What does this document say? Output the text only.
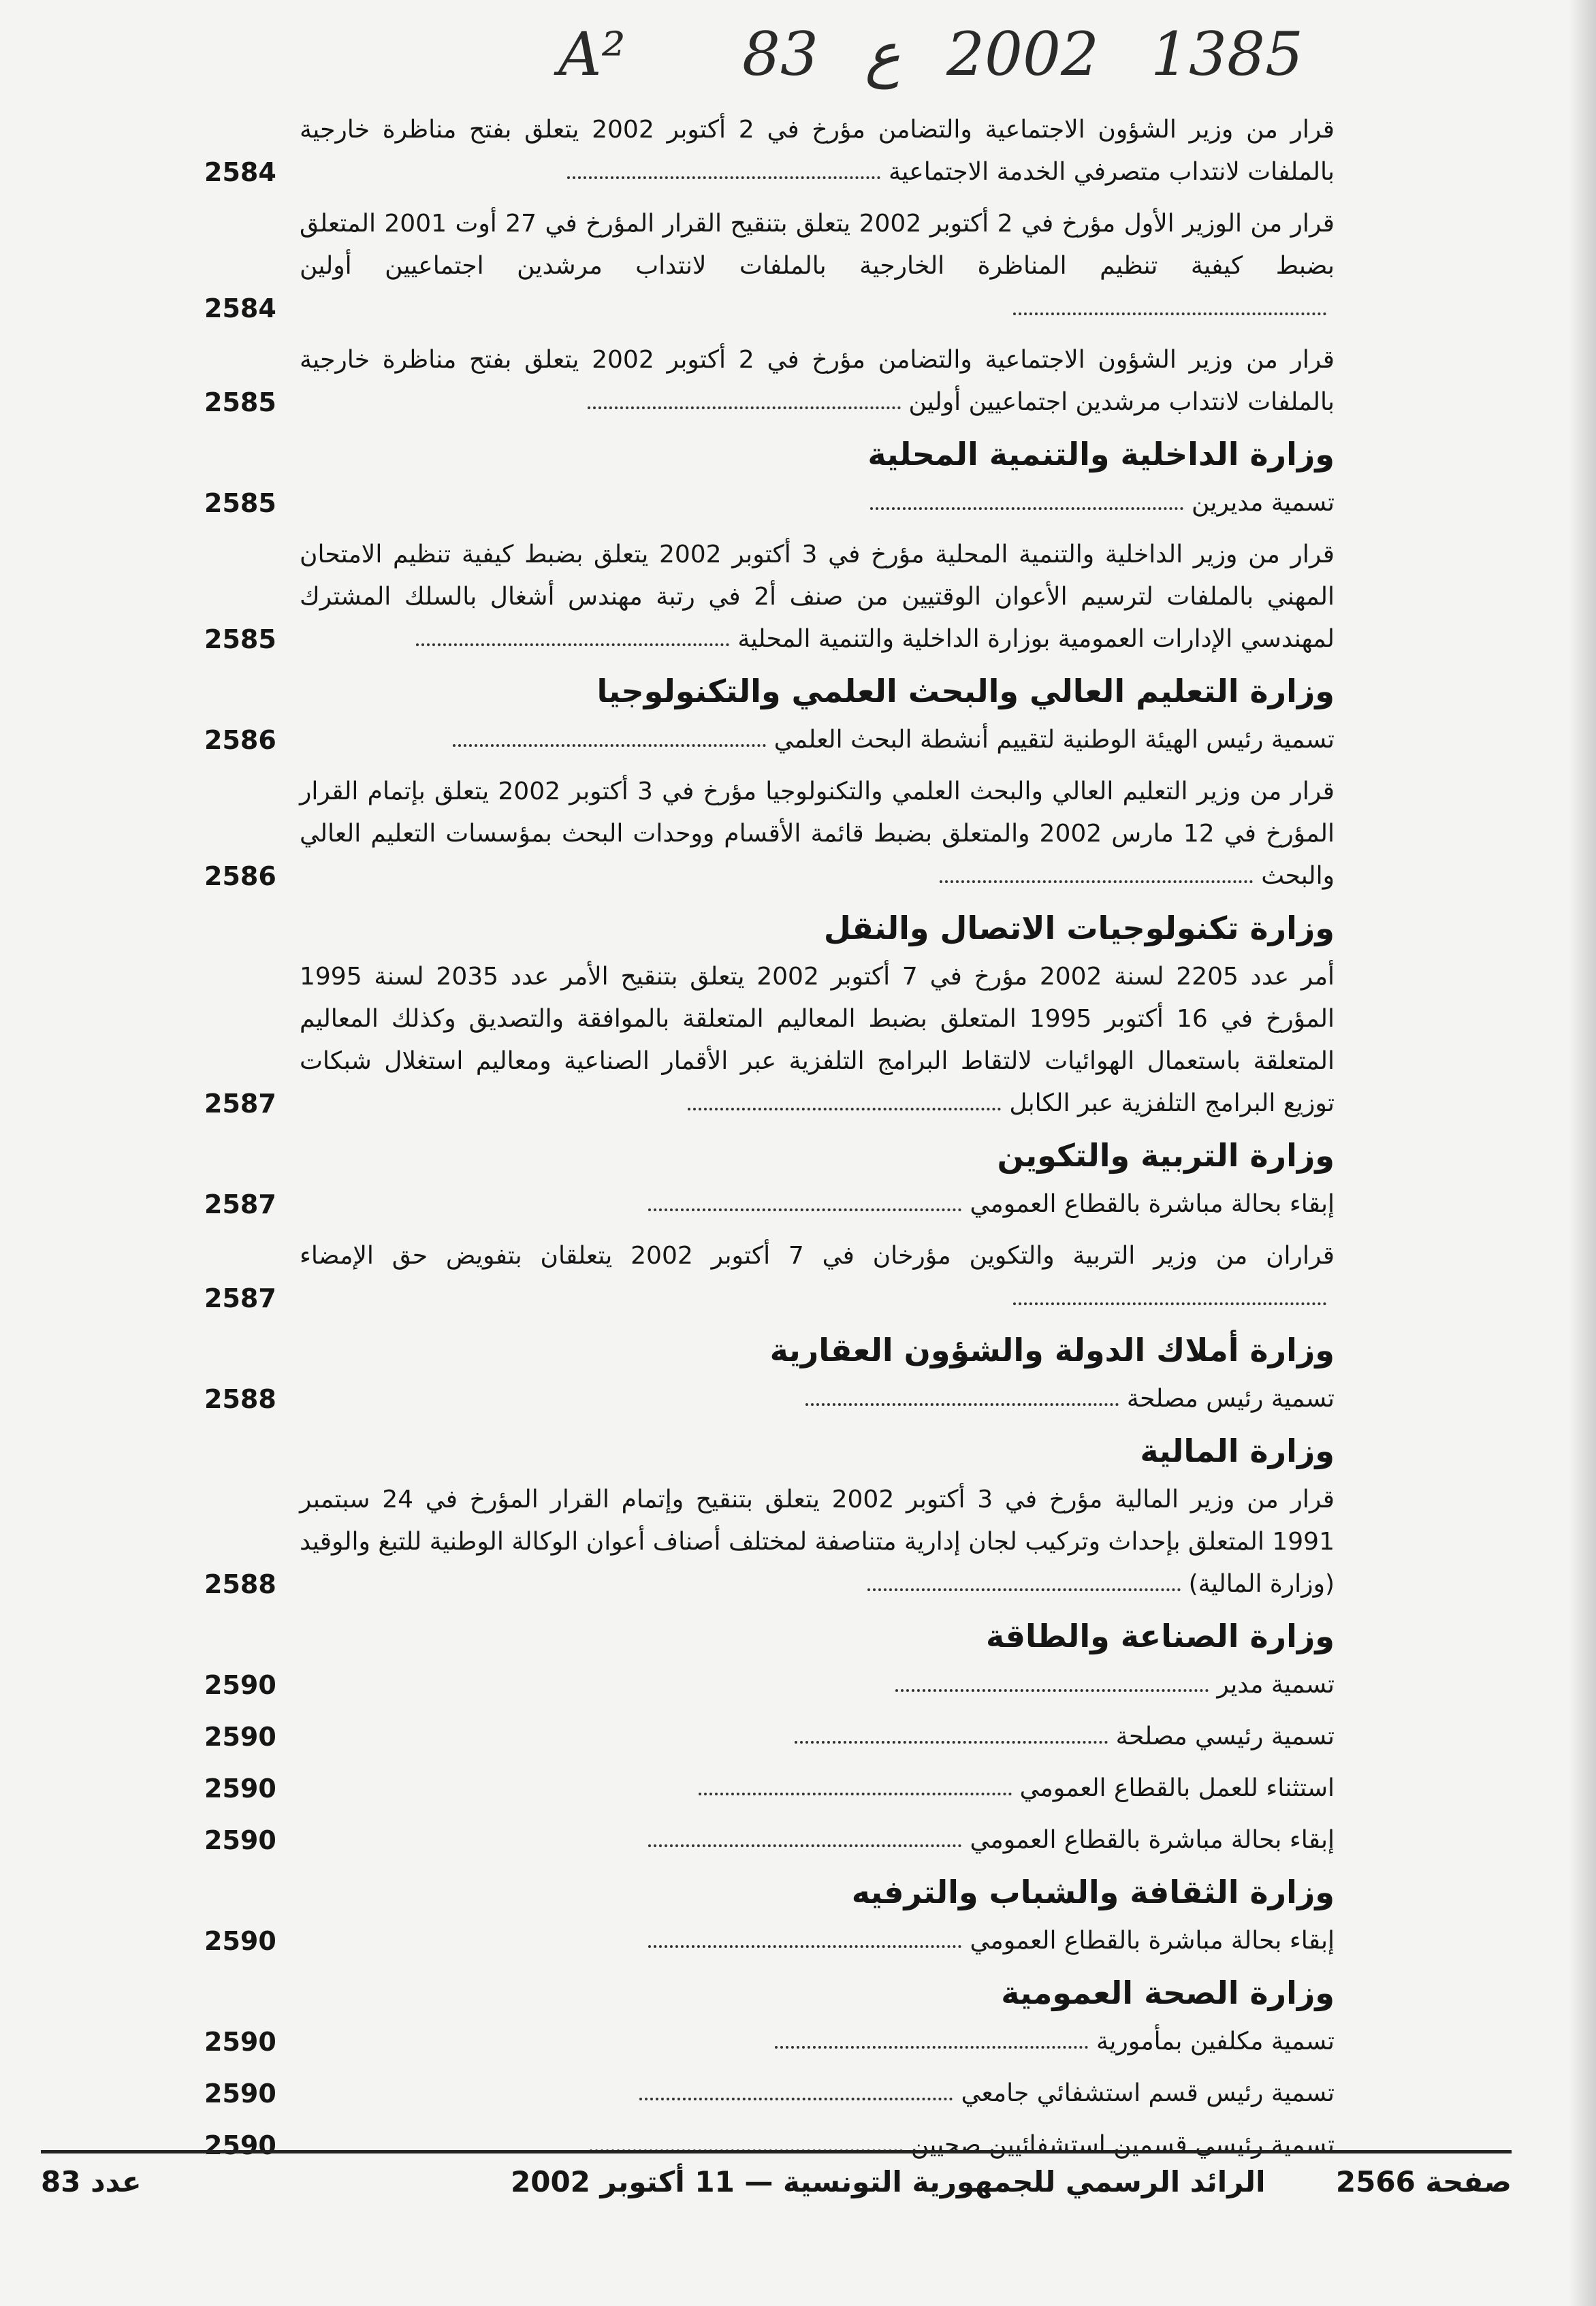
A² 83 ع 2002 1385
قرار من وزير الشؤون الاجتماعية والتضامن مؤرخ في 2 أكتوبر 2002 يتعلق بفتح مناظرة خارجية بالملفات لانتداب متصرفي الخدمة الاجتماعية
2584
قرار من الوزير الأول مؤرخ في 2 أكتوبر 2002 يتعلق بتنقيح القرار المؤرخ في 27 أوت 2001 المتعلق بضبط كيفية تنظيم المناظرة الخارجية بالملفات لانتداب مرشدين اجتماعيين أولين
2584
قرار من وزير الشؤون الاجتماعية والتضامن مؤرخ في 2 أكتوبر 2002 يتعلق بفتح مناظرة خارجية بالملفات لانتداب مرشدين اجتماعيين أولين
2585
وزارة الداخلية والتنمية المحلية
تسمية مديرين
2585
قرار من وزير الداخلية والتنمية المحلية مؤرخ في 3 أكتوبر 2002 يتعلق بضبط كيفية تنظيم الامتحان المهني بالملفات لترسيم الأعوان الوقتيين من صنف أ2 في رتبة مهندس أشغال بالسلك المشترك لمهندسي الإدارات العمومية بوزارة الداخلية والتنمية المحلية
2585
وزارة التعليم العالي والبحث العلمي والتكنولوجيا
تسمية رئيس الهيئة الوطنية لتقييم أنشطة البحث العلمي
2586
قرار من وزير التعليم العالي والبحث العلمي والتكنولوجيا مؤرخ في 3 أكتوبر 2002 يتعلق بإتمام القرار المؤرخ في 12 مارس 2002 والمتعلق بضبط قائمة الأقسام ووحدات البحث بمؤسسات التعليم العالي والبحث
2586
وزارة تكنولوجيات الاتصال والنقل
أمر عدد 2205 لسنة 2002 مؤرخ في 7 أكتوبر 2002 يتعلق بتنقيح الأمر عدد 2035 لسنة 1995 المؤرخ في 16 أكتوبر 1995 المتعلق بضبط المعاليم المتعلقة بالموافقة والتصديق وكذلك المعاليم المتعلقة باستعمال الهوائيات لالتقاط البرامج التلفزية عبر الأقمار الصناعية ومعاليم استغلال شبكات توزيع البرامج التلفزية عبر الكابل
2587
وزارة التربية والتكوين
إبقاء بحالة مباشرة بالقطاع العمومي
2587
قراران من وزير التربية والتكوين مؤرخان في 7 أكتوبر 2002 يتعلقان بتفويض حق الإمضاء
2587
وزارة أملاك الدولة والشؤون العقارية
تسمية رئيس مصلحة
2588
وزارة المالية
قرار من وزير المالية مؤرخ في 3 أكتوبر 2002 يتعلق بتنقيح وإتمام القرار المؤرخ في 24 سبتمبر 1991 المتعلق بإحداث وتركيب لجان إدارية متناصفة لمختلف أصناف أعوان الوكالة الوطنية للتبغ والوقيد (وزارة المالية)
2588
وزارة الصناعة والطاقة
تسمية مدير
2590
تسمية رئيسي مصلحة
2590
استثناء للعمل بالقطاع العمومي
2590
إبقاء بحالة مباشرة بالقطاع العمومي
2590
وزارة الثقافة والشباب والترفيه
إبقاء بحالة مباشرة بالقطاع العمومي
2590
وزارة الصحة العمومية
تسمية مكلفين بمأمورية
2590
تسمية رئيس قسم استشفائي جامعي
2590
تسمية رئيسي قسمين استشفائيين صحيين
2590
عدد 83	الرائد الرسمي للجمهورية التونسية — 11 أكتوبر 2002 صفحة 2566
